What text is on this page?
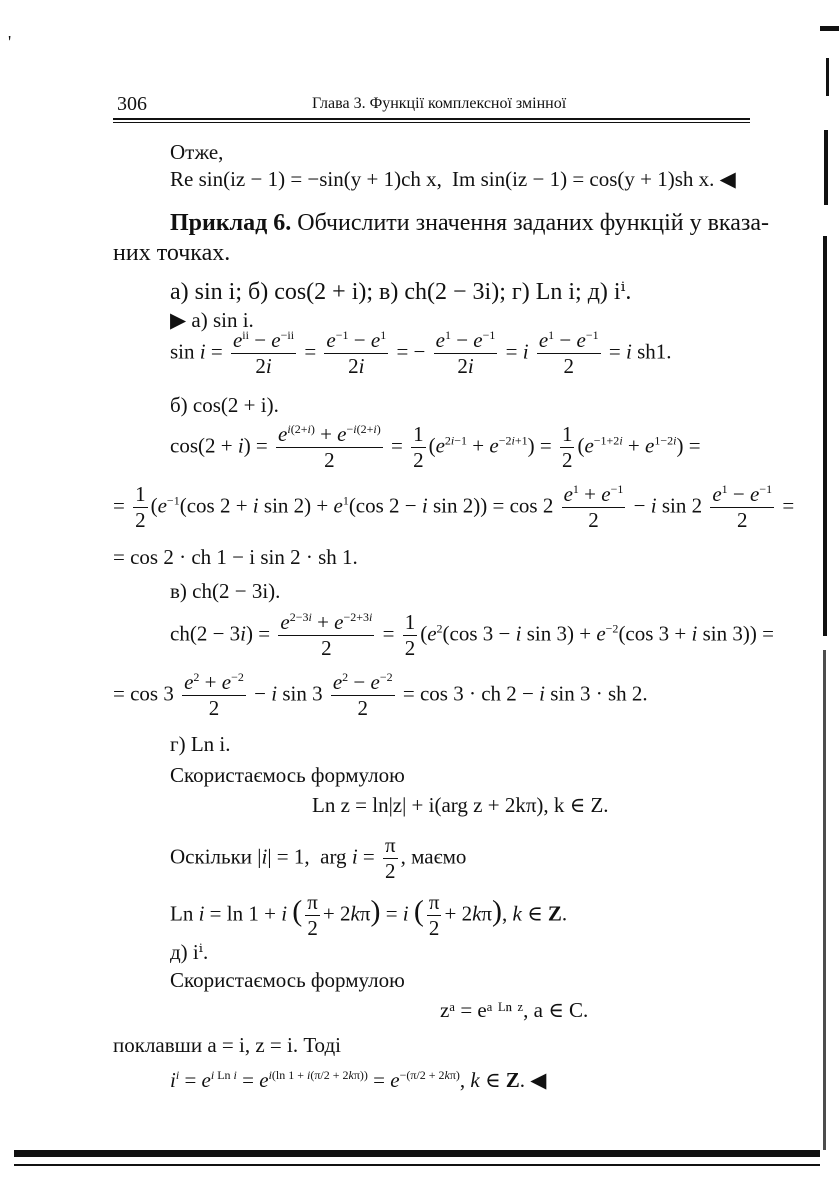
'
306	Глава 3. Функції комплексної змінної
Отже,
Re sin(iz − 1) = −sin(y + 1)ch x, Im sin(iz − 1) = cos(y + 1)sh x. ◀
Приклад 6. Обчислити значення заданих функцій у вказа-
них точках.
а) sin i; б) cos(2 + i); в) ch(2 − 3i); г) Ln i; д) iⁱ.
▶ а) sin i.
$\sin i = e^{ii} - e^{-ii}$
2i
= $\frac{e^{-1} - e^1}{2i}$ = − $\frac{e^1 - e^{-1}}{2i} = i \frac{e^1 - e^{-1}}{2} = i$ sh1.
б) cos(2 + i).
$\cos(2 + i) = \frac{e^{i(2+i)} + e^{-i(2+i)}}{2} = \frac{1}{2} (e^{2i-1} + e^{-2i+1}) = \frac{1}{2} (e^{-1+2i} + e^{1-2i})$ =
= $\frac{1}{2} (e^{-1}(\cos$ 2 + i $\sin 2) + e^1(\cos$ 2 − i $\sin 2)) = \cos 2 \frac{e^1 + e^{-1}}{2} - i$ $\sin 2 \frac{e^1 - e^{-1}}{2}$ =
= cos 2 · ch 1 − i sin 2 · sh 1.
в) ch(2 − 3i).
$ch(2 - 3i) = \frac{e^{2-3i} + e^{-2+3i}}{2} = \frac{1}{2} (e^2(\cos$ 3 − i $\sin 3) + e^{-2}(\cos$ 3 + i sin 3)) =
= $\cos 3 \frac{e^2 + e^{-2}}{2} - i$ $\sin 3 \frac{e^2 - e^{-2}}{2} = \cos 3$ · ch 2 − i sin 3 · sh 2.
г) Ln i.
Скористаємось формулою
Ln z = ln|z| + i(arg z + 2kπ), k ∈ Z.
Оскільки |i| = 1,  arg $i = \frac{\pi}{2}$ , маємо
Ln i = ln 1 + i ( $\frac{\pi}{2} + 2k\pi) = i$ ( $\frac{\pi}{2} + 2k\pi$), k ∈ Z.
д) iⁱ.
Скористаємось формулою
zᵃ = eᵃ ᴸⁿ ᶻ, a ∈ C.
поклавши a = i, z = i. Тоді
$i^i = e^{i Ln i} = e^{i(ln 1 + i(\pi/2 + 2k\pi))} = e^{-(\pi/2 + 2k\pi)}$, k ∈ Z. ◀
